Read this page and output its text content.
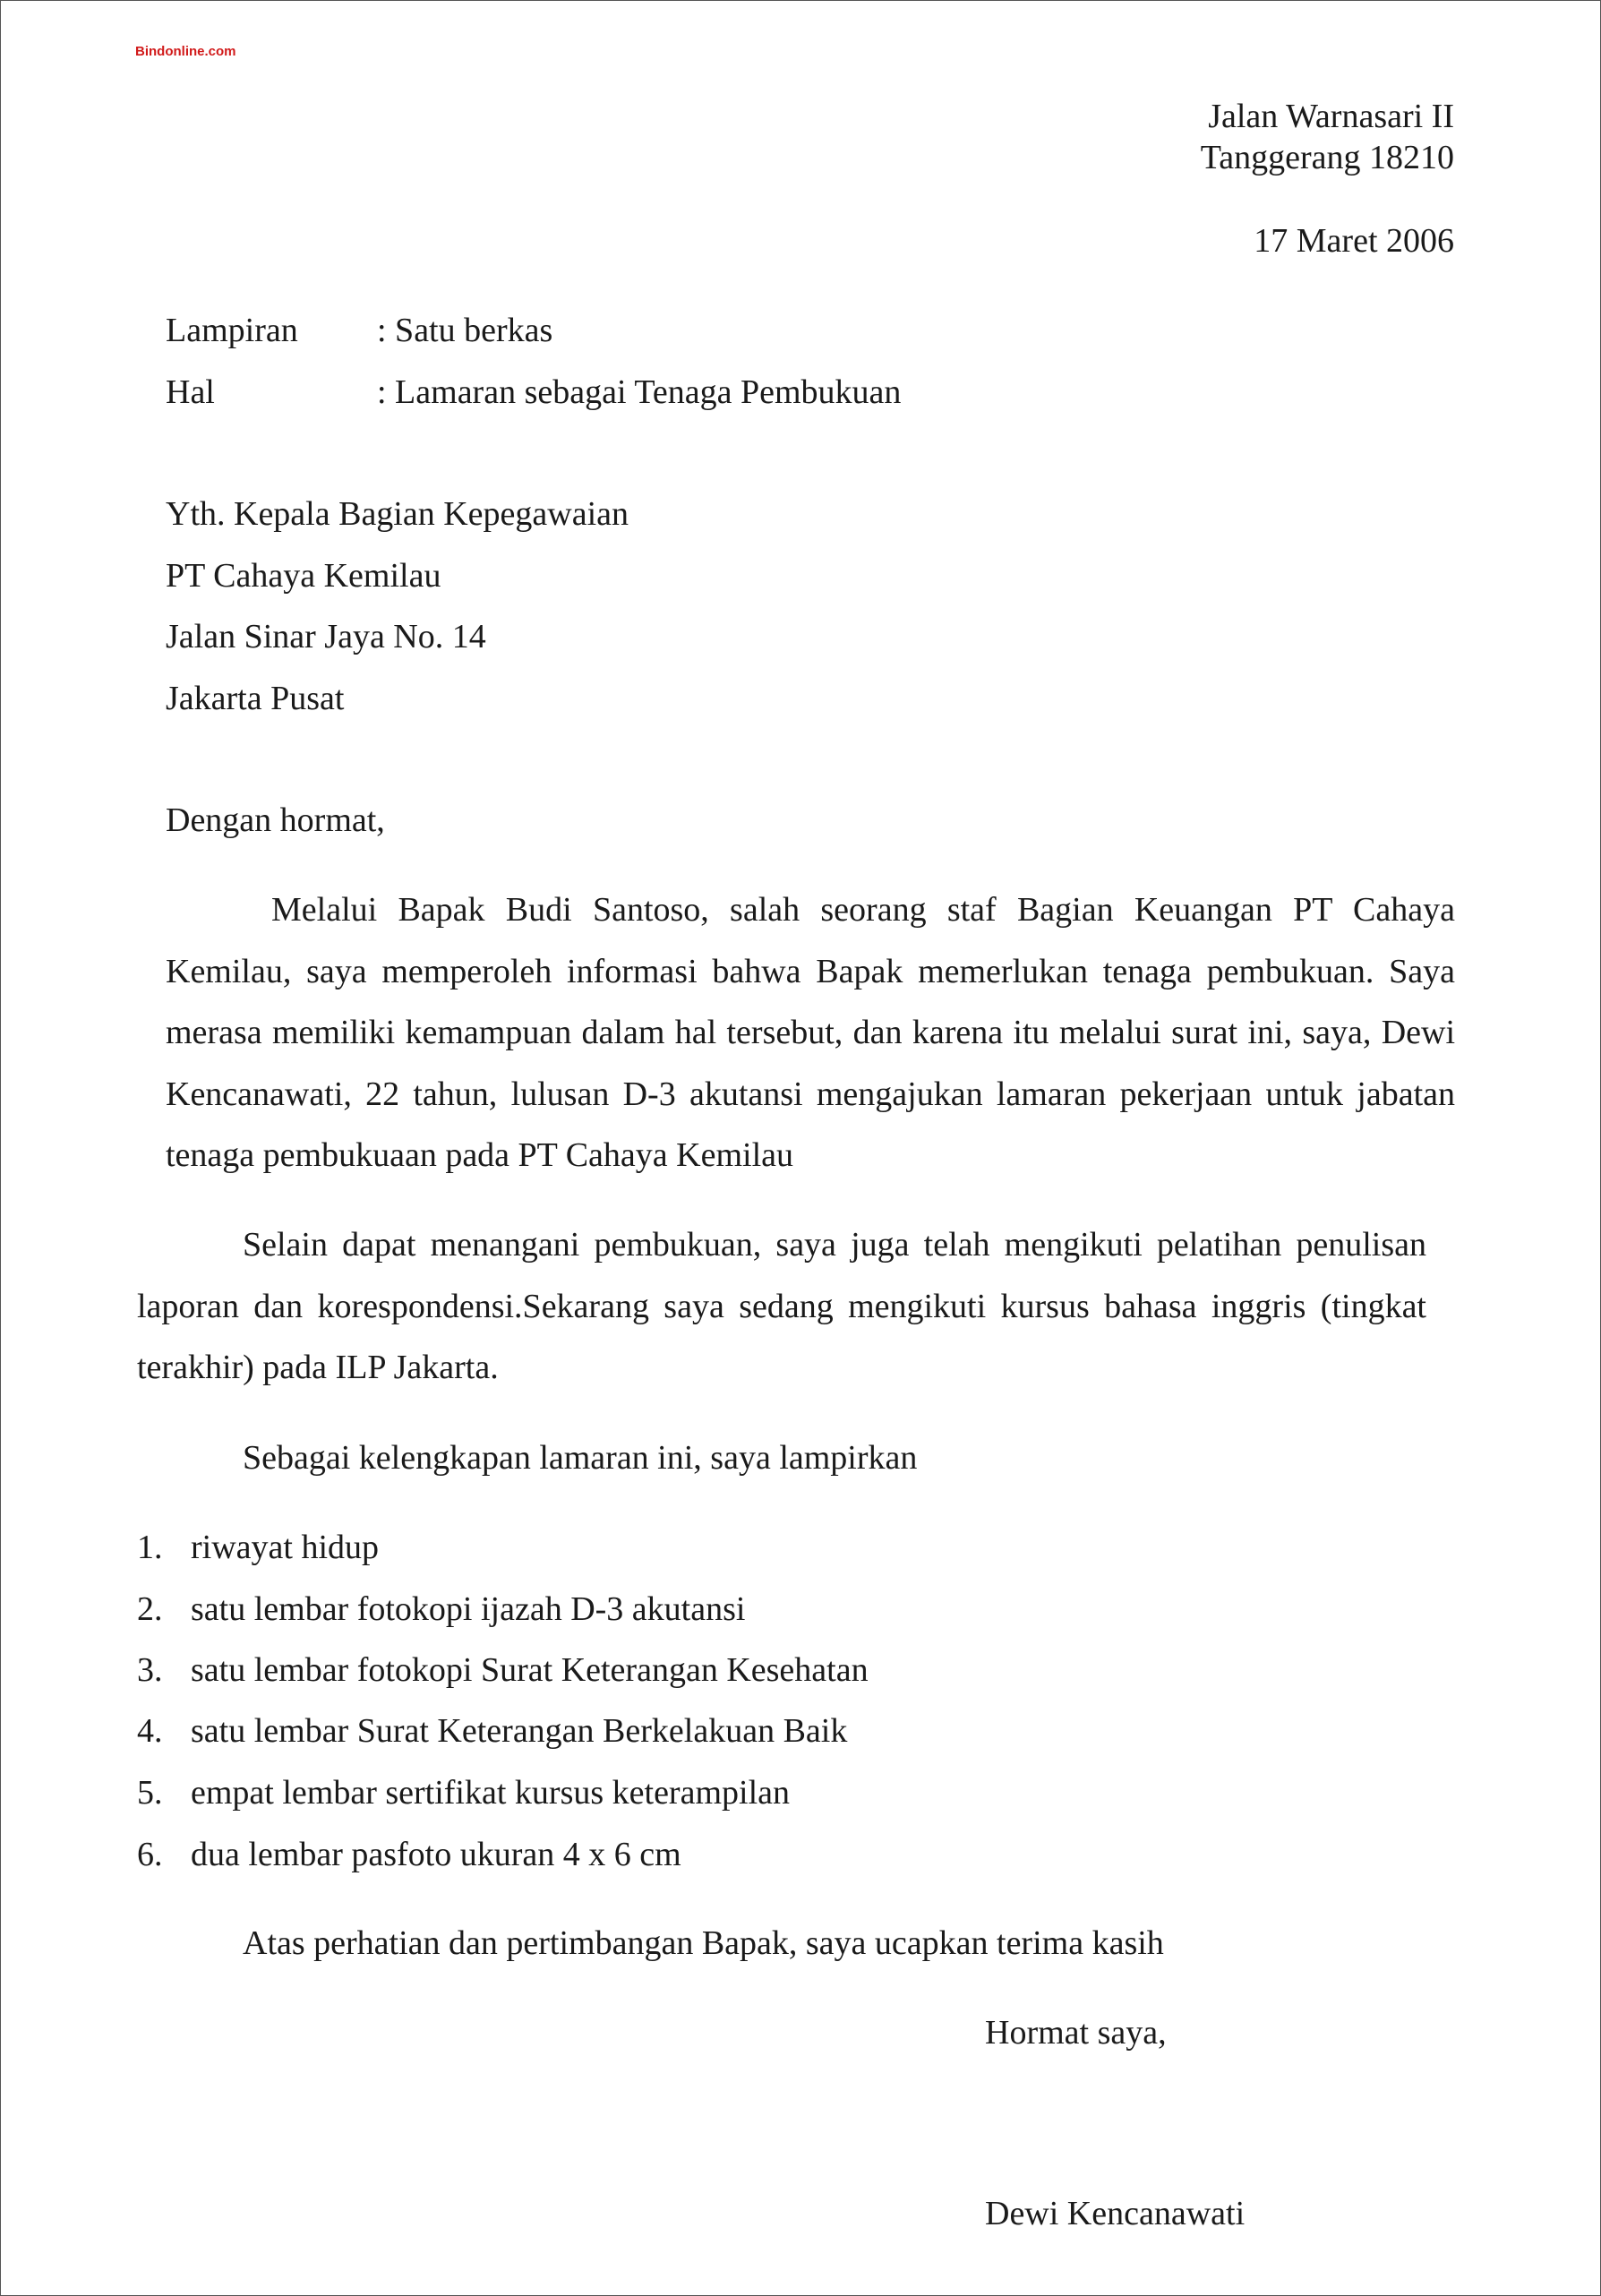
Bindonline.com
Jalan Warnasari II
Tanggerang 18210
17 Maret 2006
Lampiran : Satu berkas
Hal	: Lamaran sebagai Tenaga Pembukuan
Yth. Kepala Bagian Kepegawaian
PT Cahaya Kemilau
Jalan Sinar Jaya No. 14
Jakarta Pusat
Dengan hormat,
Melalui Bapak Budi Santoso, salah seorang staf Bagian Keuangan PT Cahaya Kemilau, saya memperoleh informasi bahwa Bapak memerlukan tenaga pembukuan. Saya merasa memiliki kemampuan dalam hal tersebut, dan karena itu melalui surat ini, saya, Dewi Kencanawati, 22 tahun, lulusan D-3 akutansi mengajukan lamaran pekerjaan untuk jabatan tenaga pembukuaan pada PT Cahaya Kemilau
Selain dapat menangani pembukuan, saya juga telah mengikuti pelatihan penulisan laporan dan korespondensi.Sekarang saya sedang mengikuti kursus bahasa inggris (tingkat terakhir) pada ILP Jakarta.
Sebagai kelengkapan lamaran ini, saya lampirkan
1. riwayat hidup
2. satu lembar fotokopi ijazah D-3 akutansi
3. satu lembar fotokopi Surat Keterangan Kesehatan
4. satu lembar Surat Keterangan Berkelakuan Baik
5. empat lembar sertifikat kursus keterampilan
6. dua lembar pasfoto ukuran 4 x 6 cm
Atas perhatian dan pertimbangan Bapak, saya ucapkan terima kasih
Hormat saya,
Dewi Kencanawati
